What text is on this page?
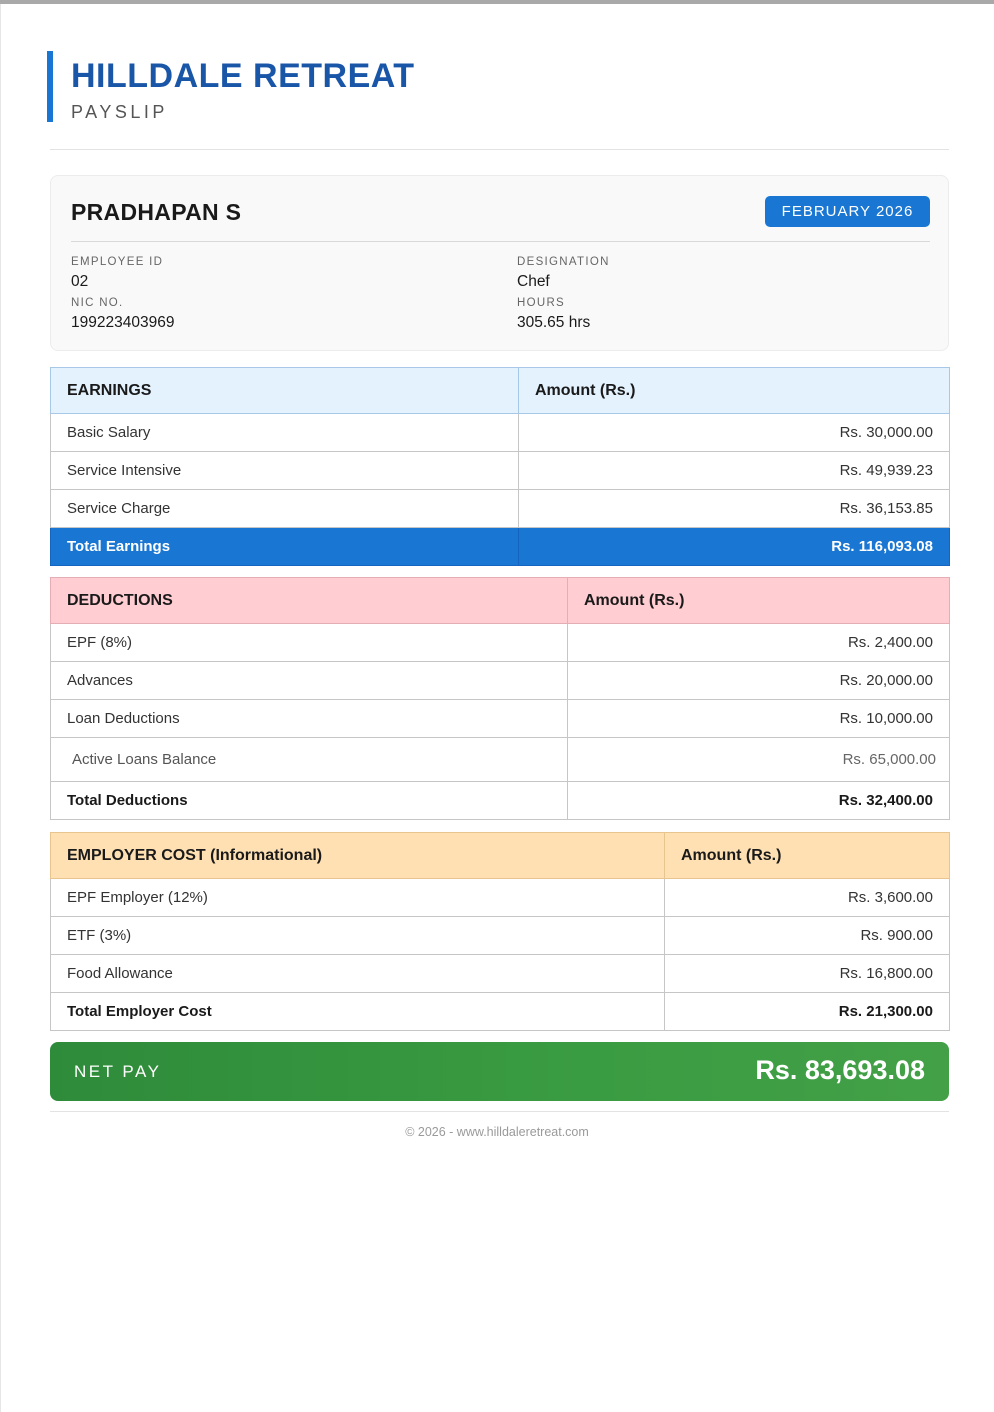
HILLDALE RETREAT
PAYSLIP
PRADHAPAN S	FEBRUARY 2026
EMPLOYEE ID
02
DESIGNATION
Chef
NIC NO.
199223403969
HOURS
305.65 hrs
EARNINGS	Amount (Rs.)
Basic Salary	Rs. 30,000.00
Service Intensive	Rs. 49,939.23
Service Charge	Rs. 36,153.85
Total Earnings	Rs. 116,093.08
DEDUCTIONS	Amount (Rs.)
EPF (8%)	Rs. 2,400.00
Advances	Rs. 20,000.00
Loan Deductions	Rs. 10,000.00
Active Loans Balance	Rs. 65,000.00
Total Deductions	Rs. 32,400.00
EMPLOYER COST (Informational)	Amount (Rs.)
EPF Employer (12%)	Rs. 3,600.00
ETF (3%)	Rs. 900.00
Food Allowance	Rs. 16,800.00
Total Employer Cost	Rs. 21,300.00
NET PAY	Rs. 83,693.08
© 2026 - www.hilldaleretreat.com
